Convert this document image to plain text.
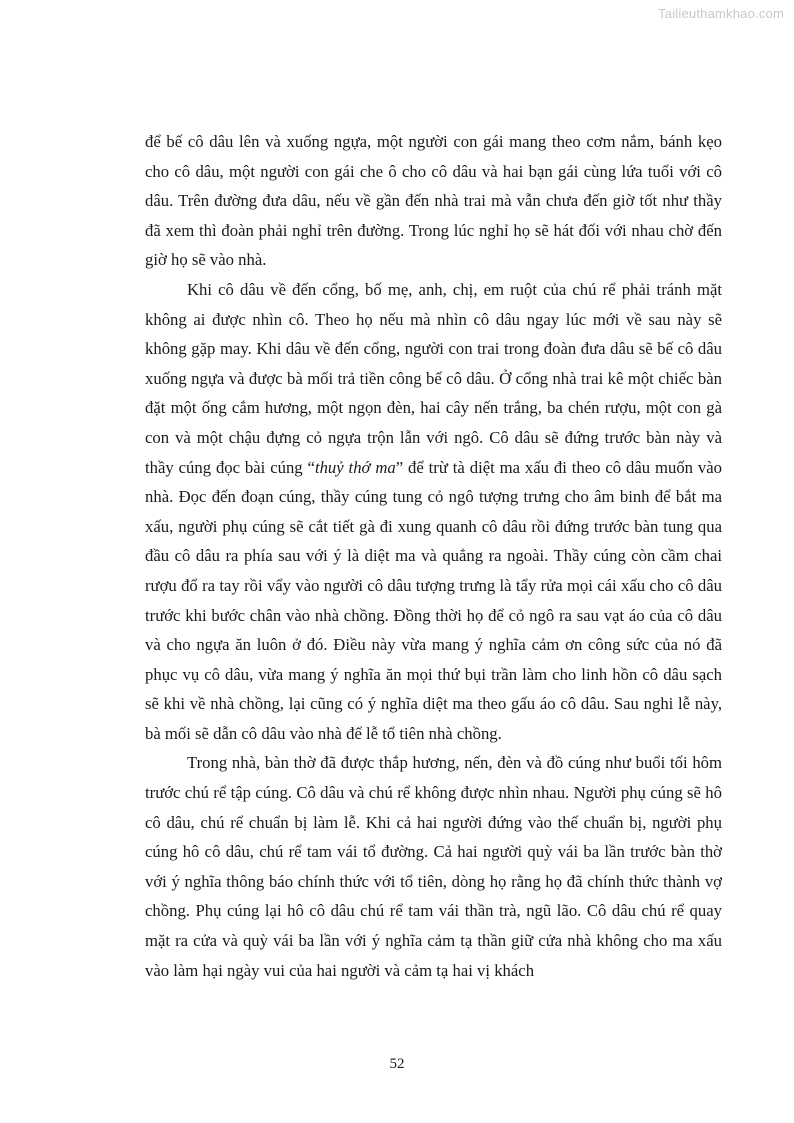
Tailieuthamkhao.com

để bế cô dâu lên và xuống ngựa, một người con gái mang theo cơm nắm, bánh kẹo cho cô dâu, một người con gái che ô cho cô dâu và hai bạn gái cùng lứa tuổi với cô dâu. Trên đường đưa dâu, nếu về gần đến nhà trai mà vẫn chưa đến giờ tốt như thầy đã xem thì đoàn phải nghỉ trên đường. Trong lúc nghỉ họ sẽ hát đối với nhau chờ đến giờ họ sẽ vào nhà.

Khi cô dâu về đến cổng, bố mẹ, anh, chị, em ruột của chú rể phải tránh mặt không ai được nhìn cô. Theo họ nếu mà nhìn cô dâu ngay lúc mới về sau này sẽ không gặp may. Khi dâu về đến cổng, người con trai trong đoàn đưa dâu sẽ bế cô dâu xuống ngựa và được bà mối trả tiền công bế cô dâu. Ở cổng nhà trai kê một chiếc bàn đặt một ống cắm hương, một ngọn đèn, hai cây nến trắng, ba chén rượu, một con gà con và một chậu đựng cỏ ngựa trộn lẫn với ngô. Cô dâu sẽ đứng trước bàn này và thầy cúng đọc bài cúng “thuỷ thớ ma” để trừ tà diệt ma xấu đi theo cô dâu muốn vào nhà. Đọc đến đoạn cúng, thầy cúng tung cỏ ngô tượng trưng cho âm binh để bắt ma xấu, người phụ cúng sẽ cắt tiết gà đi xung quanh cô dâu rồi đứng trước bàn tung qua đầu cô dâu ra phía sau với ý là diệt ma và quẳng ra ngoài. Thầy cúng còn cầm chai rượu đổ ra tay rồi vẩy vào người cô dâu tượng trưng là tẩy rửa mọi cái xấu cho cô dâu trước khi bước chân vào nhà chồng. Đồng thời họ để cỏ ngô ra sau vạt áo của cô dâu và cho ngựa ăn luôn ở đó. Điều này vừa mang ý nghĩa cảm ơn công sức của nó đã phục vụ cô dâu, vừa mang ý nghĩa ăn mọi thứ bụi trần làm cho linh hồn cô dâu sạch sẽ khi về nhà chồng, lại cũng có ý nghĩa diệt ma theo gấu áo cô dâu. Sau nghi lễ này, bà mối sẽ dẫn cô dâu vào nhà để lễ tổ tiên nhà chồng.

Trong nhà, bàn thờ đã được thắp hương, nến, đèn và đồ cúng như buổi tối hôm trước chú rể tập cúng. Cô dâu và chú rể không được nhìn nhau. Người phụ cúng sẽ hô cô dâu, chú rể chuẩn bị làm lễ. Khi cả hai người đứng vào thế chuẩn bị, người phụ cúng hô cô dâu, chú rể tam vái tổ đường. Cả hai người quỳ vái ba lần trước bàn thờ với ý nghĩa thông báo chính thức với tổ tiên, dòng họ rằng họ đã chính thức thành vợ chồng. Phụ cúng lại hô cô dâu chú rể tam vái thần trà, ngũ lão. Cô dâu chú rể quay mặt ra cửa và quỳ vái ba lần với ý nghĩa cảm tạ thần giữ cửa nhà không cho ma xấu vào làm hại ngày vui của hai người và cảm tạ hai vị khách

52
